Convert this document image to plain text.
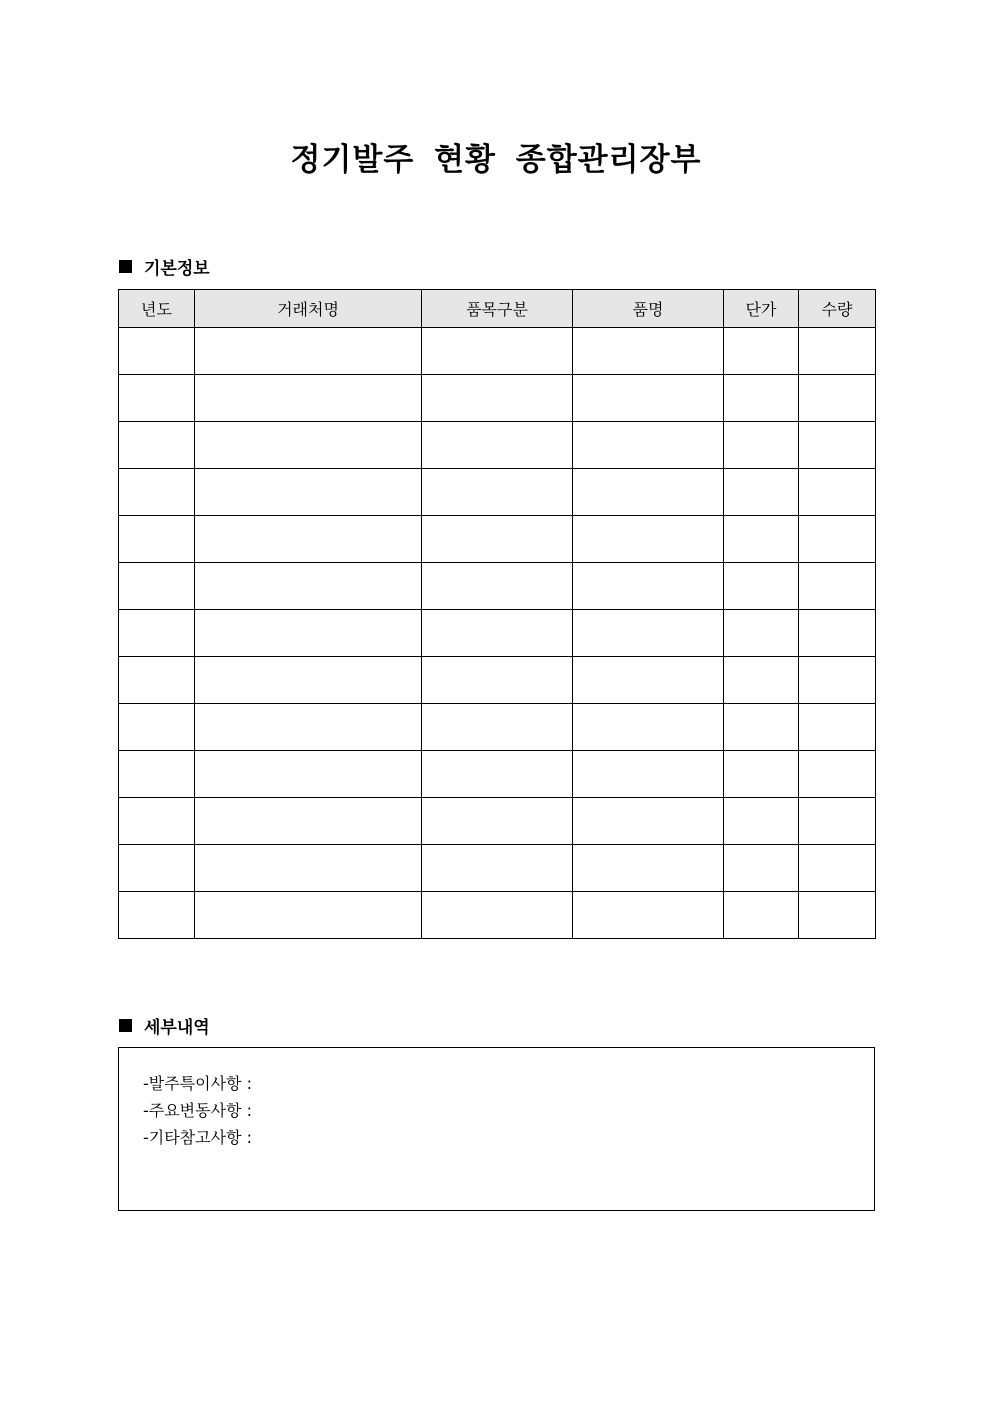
정기발주 현황 종합관리장부
기본정보
년도	거래처명	품목구분	품명	단가	수량

세부내역
-발주특이사항 :
-주요변동사항 :
-기타참고사항 :
